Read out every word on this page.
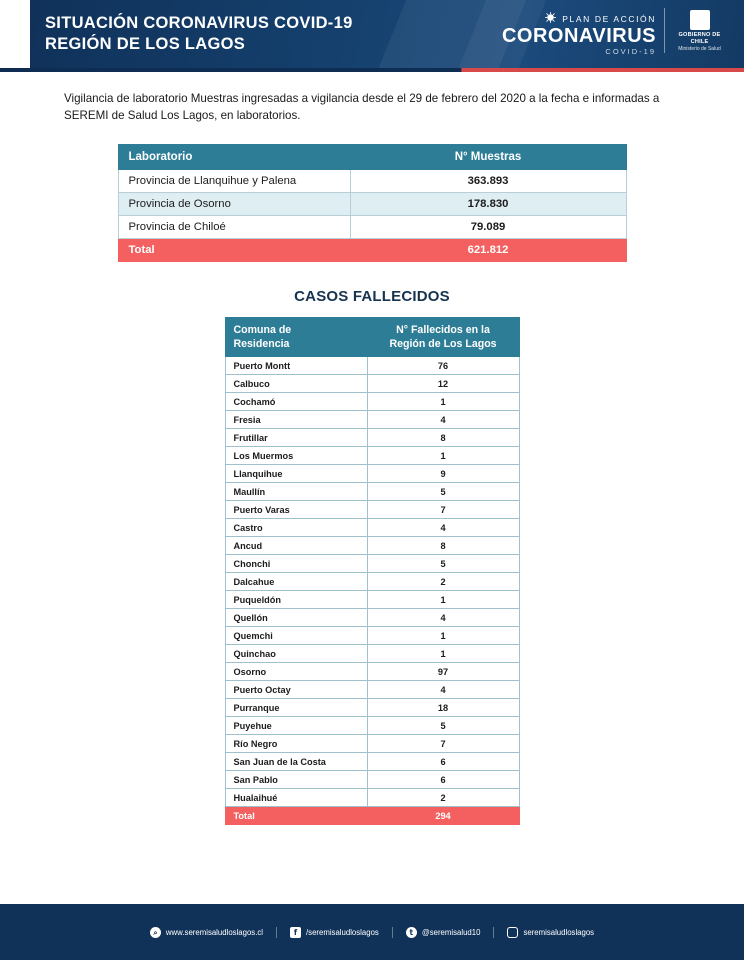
SITUACIÓN CORONAVIRUS COVID-19
REGIÓN DE LOS LAGOS
PLAN DE ACCIÓN
CORONAVIRUS
COVID-19
GOBIERNO DE CHILE
Ministerio de Salud

Vigilancia de laboratorio Muestras ingresadas a vigilancia desde el 29 de febrero del 2020 a la fecha e informadas a SEREMI de Salud Los Lagos, en laboratorios.

Laboratorio	N° Muestras
Provincia de Llanquihue y Palena	363.893
Provincia de Osorno	178.830
Provincia de Chiloé	79.089
Total	621.812
CASOS FALLECIDOS
Comuna de
Residencia	N° Fallecidos en la
Región de Los Lagos
Puerto Montt	76
Calbuco	12
Cochamó	1
Fresia	4
Frutillar	8
Los Muermos	1
Llanquihue	9
Maullín	5
Puerto Varas	7
Castro	4
Ancud	8
Chonchi	5
Dalcahue	2
Puqueldón	1
Quellón	4
Quemchi	1
Quinchao	1
Osorno	97
Puerto Octay	4
Purranque	18
Puyehue	5
Río Negro	7
San Juan de la Costa	6
San Pablo	6
Hualaihué	2
Total	294
⌕	www.seremisaludloslagos.cl	f	/seremisaludloslagos	t	@seremisalud10	seremisaludloslagos
